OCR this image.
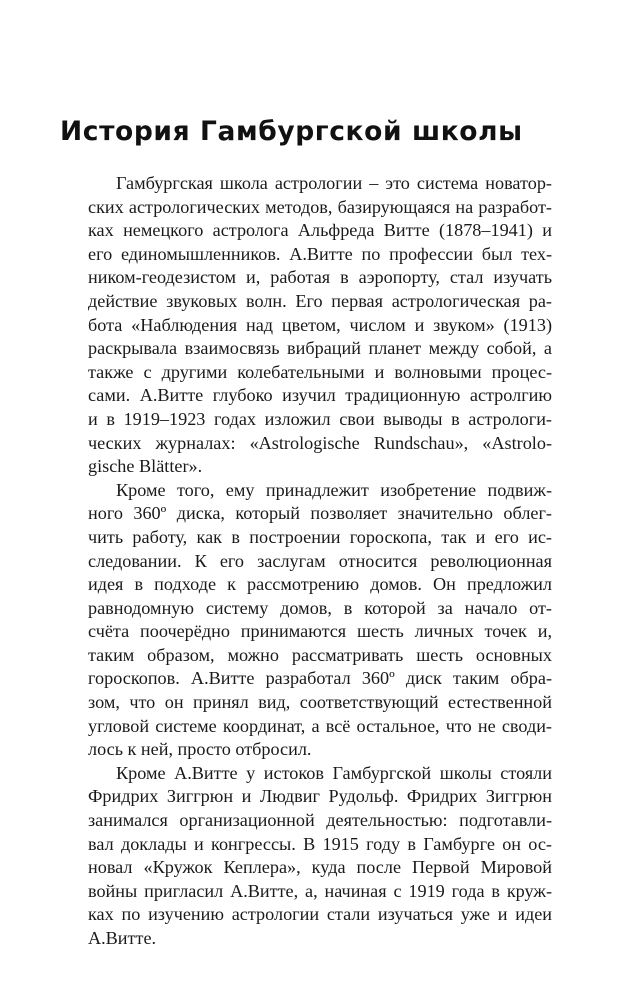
История Гамбургской школы
Гамбургская школа астрологии – это система новатор-
ских астрологических методов, базирующаяся на разработ-
ках немецкого астролога Альфреда Витте (1878–1941) и
его единомышленников. А.Витте по профессии был тех-
ником-геодезистом и, работая в аэропорту, стал изучать
действие звуковых волн. Его первая астрологическая ра-
бота «Наблюдения над цветом, числом и звуком» (1913)
раскрывала взаимосвязь вибраций планет между собой, а
также с другими колебательными и волновыми процес-
сами. А.Витте глубоко изучил традиционную астролгию
и в 1919–1923 годах изложил свои выводы в астрологи-
ческих журналах: «Astrologische Rundschau», «Astrolo-
gische Blätter».
Кроме того, ему принадлежит изобретение подвиж-
ного 360º диска, который позволяет значительно облег-
чить работу, как в построении гороскопа, так и его ис-
следовании. К его заслугам относится революционная
идея в подходе к рассмотрению домов. Он предложил
равнодомную систему домов, в которой за начало от-
счёта поочерёдно принимаются шесть личных точек и,
таким образом, можно рассматривать шесть основных
гороскопов. А.Витте разработал 360º диск таким обра-
зом, что он принял вид, соответствующий естественной
угловой системе координат, а всё остальное, что не своди-
лось к ней, просто отбросил.
Кроме А.Витте у истоков Гамбургской школы стояли
Фридрих Зиггрюн и Людвиг Рудольф. Фридрих Зиггрюн
занимался организационной деятельностью: подготавли-
вал доклады и конгрессы. В 1915 году в Гамбурге он ос-
новал «Кружок Кеплера», куда после Первой Мировой
войны пригласил А.Витте, а, начиная с 1919 года в круж-
ках по изучению астрологии стали изучаться уже и идеи
А.Витте.
